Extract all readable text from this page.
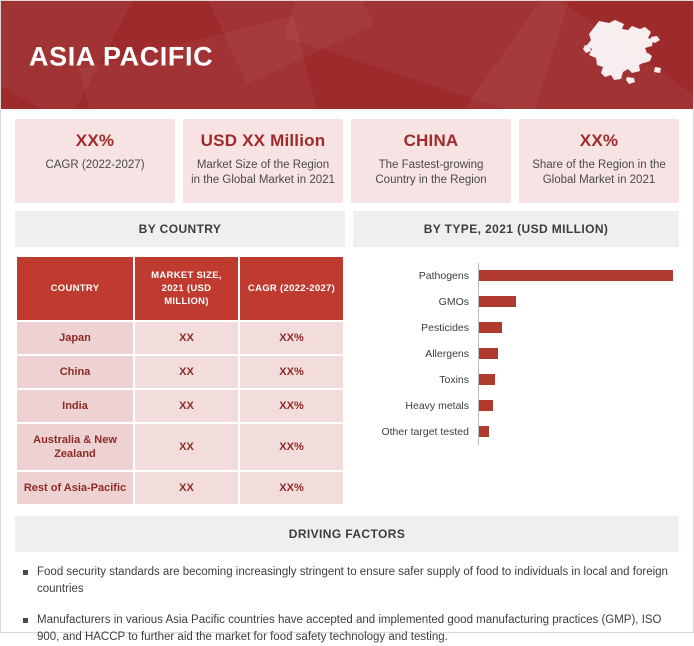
ASIA PACIFIC
XX%
CAGR (2022-2027)
USD XX Million
Market Size of the Region in the Global Market in 2021
CHINA
The Fastest-growing Country in the Region
XX%
Share of the Region in the Global Market in 2021
BY COUNTRY	BY TYPE, 2021 (USD MILLION)
COUNTRY	MARKET SIZE, 2021 (USD MILLION)	CAGR (2022-2027)
Japan	XX	XX%
China	XX	XX%
India	XX	XX%
Australia & New Zealand	XX	XX%
Rest of Asia-Pacific	XX	XX%
Pathogens
GMOs
Pesticides
Allergens
Toxins
Heavy metals
Other target tested
DRIVING FACTORS
Food security standards are becoming increasingly stringent to ensure safer supply of food to individuals in local and foreign countries
Manufacturers in various Asia Pacific countries have accepted and implemented good manufacturing practices (GMP), ISO 900, and HACCP to further aid the market for food safety technology and testing.
